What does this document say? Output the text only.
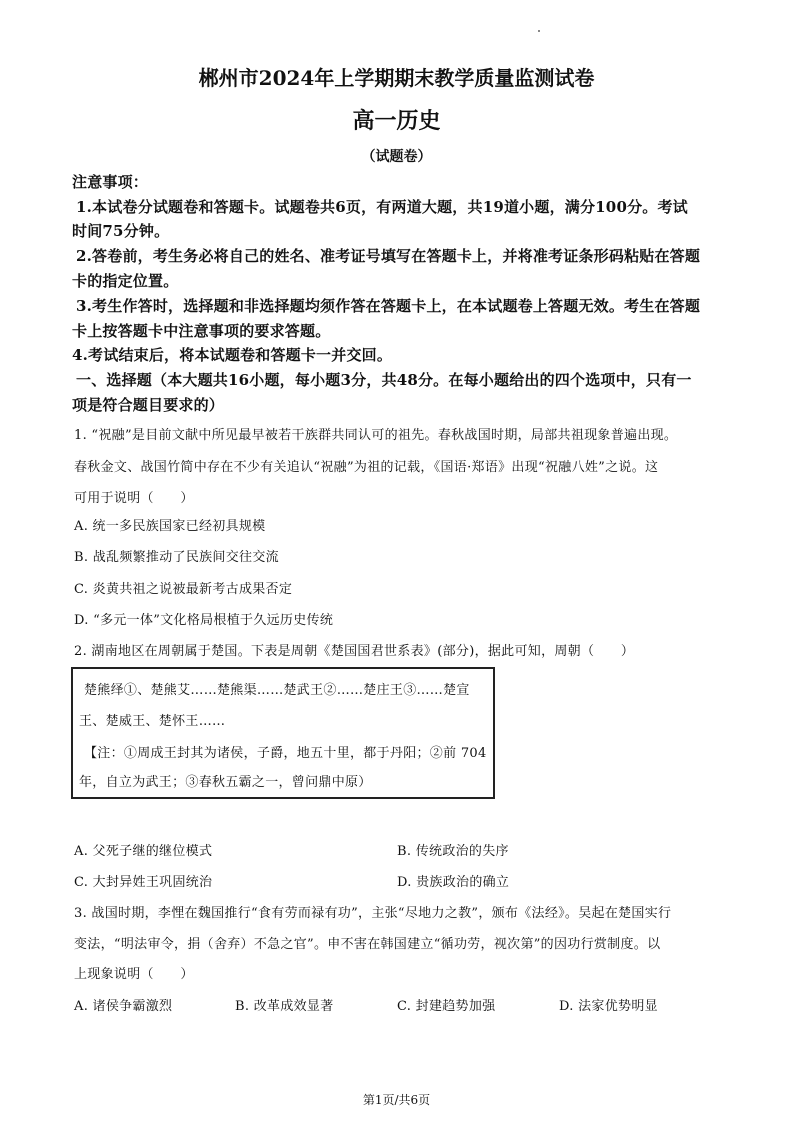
郴州市2024年上学期期末教学质量监测试卷
高一历史
（试题卷）
注意事项：
1.本试卷分试题卷和答题卡。试题卷共6页，有两道大题，共19道小题，满分100分。考试
时间75分钟。
2.答卷前，考生务必将自己的姓名、准考证号填写在答题卡上，并将准考证条形码粘贴在答题
卡的指定位置。
3.考生作答时，选择题和非选择题均须作答在答题卡上，在本试题卷上答题无效。考生在答题
卡上按答题卡中注意事项的要求答题。
4.考试结束后，将本试题卷和答题卡一并交回。
一、选择题（本大题共16小题，每小题3分，共48分。在每小题给出的四个选项中，只有一
项是符合题目要求的）
1. “祝融”是目前文献中所见最早被若干族群共同认可的祖先。春秋战国时期，局部共祖现象普遍出现。
春秋金文、战国竹简中存在不少有关追认“祝融”为祖的记载，《国语·郑语》出现“祝融八姓”之说。这
可用于说明（　　）
A. 统一多民族国家已经初具规模
B. 战乱频繁推动了民族间交往交流
C. 炎黄共祖之说被最新考古成果否定
D. “多元一体”文化格局根植于久远历史传统
2. 湖南地区在周朝属于楚国。下表是周朝《楚国国君世系表》(部分)，据此可知，周朝（　　）
楚熊绎①、楚熊艾……楚熊渠……楚武王②……楚庄王③……楚宣
王、楚威王、楚怀王……
【注：①周成王封其为诸侯，子爵，地五十里，都于丹阳；②前 704
年，自立为武王；③春秋五霸之一，曾问鼎中原）
A. 父死子继的继位模式	B. 传统政治的失序
C. 大封异姓王巩固统治	D. 贵族政治的确立
3. 战国时期，李悝在魏国推行“食有劳而禄有功”，主张“尽地力之教”，颁布《法经》。吴起在楚国实行
变法，“明法审令，捐（舍弃）不急之官”。申不害在韩国建立“循功劳，视次第”的因功行赏制度。以
上现象说明（　　）
A. 诸侯争霸激烈	B. 改革成效显著	C. 封建趋势加强	D. 法家优势明显
第1页/共6页
